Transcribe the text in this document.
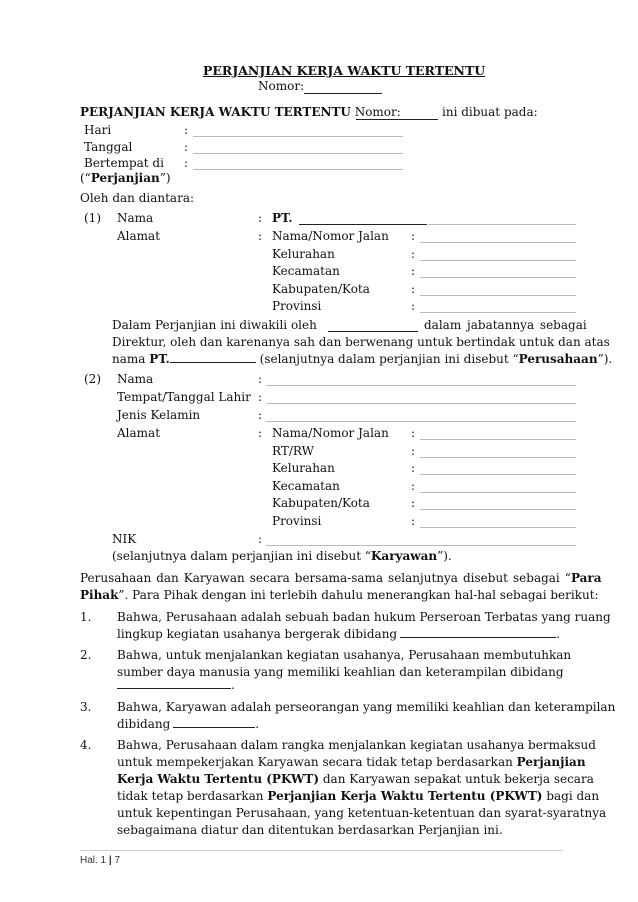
PERJANJIAN KERJA WAKTU TERTENTU
Nomor:
PERJANJIAN KERJA WAKTU TERTENTU Nomor:	ini dibuat pada:
Hari	:
Tanggal	:
Bertempat di :
(“Perjanjian”)
Oleh dan diantara:
(1) Nama	: PT.
Alamat	: Nama/Nomor Jalan :
Kelurahan	:
Kecamatan	:
Kabupaten/Kota	:
Provinsi	:
Dalam Perjanjian ini diwakili oleh	dalam jabatannya sebagai
Direktur, oleh dan karenanya sah dan berwenang untuk bertindak untuk dan atas
nama PT.	(selanjutnya dalam perjanjian ini disebut “Perusahaan”).
(2) Nama	:
Tempat/Tanggal Lahir :
Jenis Kelamin	:
Alamat	: Nama/Nomor Jalan :
RT/RW	:
Kelurahan	:
Kecamatan	:
Kabupaten/Kota	:
Provinsi	:
NIK	:
(selanjutnya dalam perjanjian ini disebut “Karyawan”).
Perusahaan dan Karyawan secara bersama-sama selanjutnya disebut sebagai “Para
Pihak”. Para Pihak dengan ini terlebih dahulu menerangkan hal-hal sebagai berikut:
1. Bahwa, Perusahaan adalah sebuah badan hukum Perseroan Terbatas yang ruang
lingkup kegiatan usahanya bergerak dibidang	.
2. Bahwa, untuk menjalankan kegiatan usahanya, Perusahaan membutuhkan
sumber daya manusia yang memiliki keahlian dan keterampilan dibidang
.
3. Bahwa, Karyawan adalah perseorangan yang memiliki keahlian dan keterampilan
dibidang	.
4. Bahwa, Perusahaan dalam rangka menjalankan kegiatan usahanya bermaksud
untuk mempekerjakan Karyawan secara tidak tetap berdasarkan Perjanjian
Kerja Waktu Tertentu (PKWT) dan Karyawan sepakat untuk bekerja secara
tidak tetap berdasarkan Perjanjian Kerja Waktu Tertentu (PKWT) bagi dan
untuk kepentingan Perusahaan, yang ketentuan-ketentuan dan syarat-syaratnya
sebagaimana diatur dan ditentukan berdasarkan Perjanjian ini.
Hal. 1 | 7
